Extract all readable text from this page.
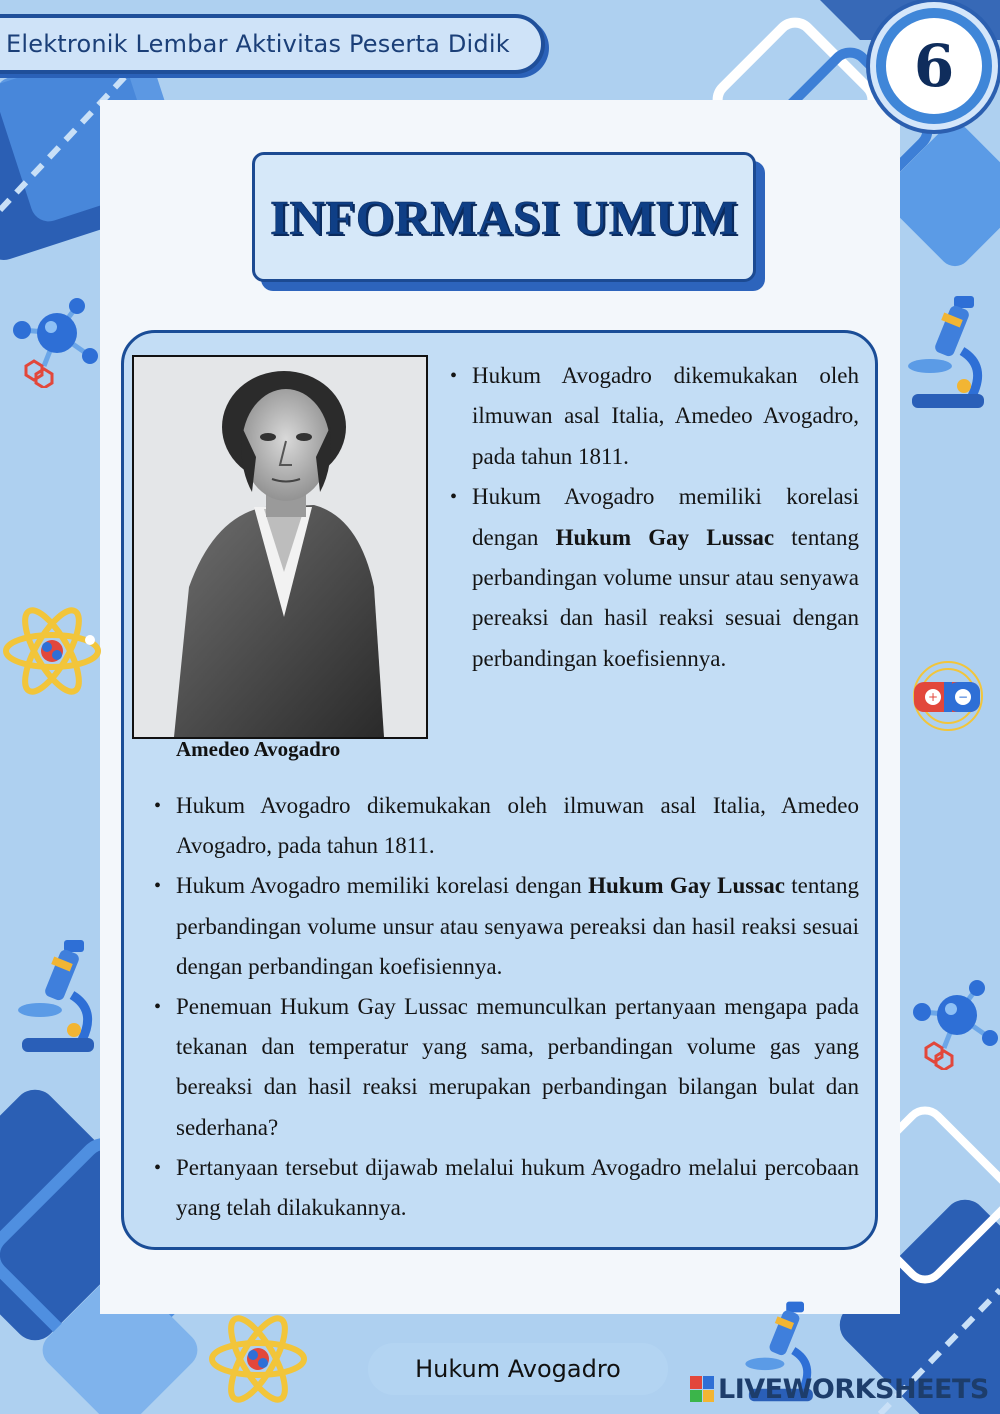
Elektronik Lembar Aktivitas Peserta Didik	6
INFORMASI UMUM
+ −
Amedeo Avogadro
• Hukum Avogadro dikemukakan oleh ilmuwan asal Italia, Amedeo Avogadro, pada tahun 1811.
• Hukum Avogadro memiliki korelasi dengan Hukum Gay Lussac tentang perbandingan volume unsur atau senyawa pereaksi dan hasil reaksi sesuai dengan perbandingan koefisiennya.
• Hukum Avogadro dikemukakan oleh ilmuwan asal Italia, Amedeo Avogadro, pada tahun 1811.
• Hukum Avogadro memiliki korelasi dengan Hukum Gay Lussac tentang perbandingan volume unsur atau senyawa pereaksi dan hasil reaksi sesuai dengan perbandingan koefisiennya.
• Penemuan Hukum Gay Lussac memunculkan pertanyaan mengapa pada tekanan dan temperatur yang sama, perbandingan volume gas yang bereaksi dan hasil reaksi merupakan perbandingan bilangan bulat dan sederhana?
• Pertanyaan tersebut dijawab melalui hukum Avogadro melalui percobaan yang telah dilakukannya.
Hukum Avogadro
LIVEWORKSHEETS
